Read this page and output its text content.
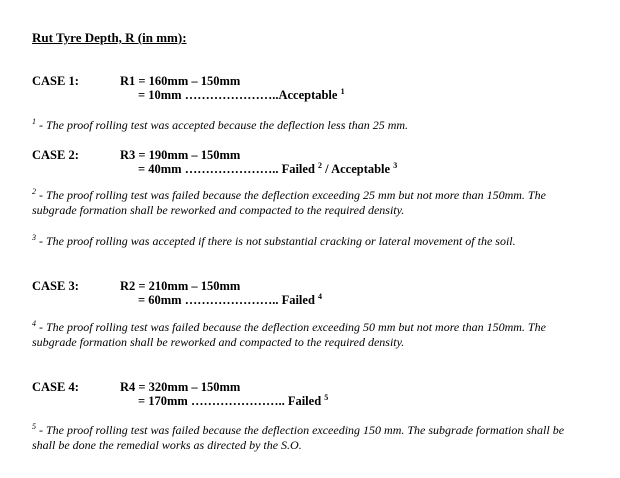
Rut Tyre Depth, R (in mm):
CASE 1:	R1 = 160mm – 150mm
= 10mm …………………..Acceptable $^1$
$^1$ - The proof rolling test was accepted because the deflection less than 25 mm.
CASE 2:	R3 = 190mm – 150mm
= 40mm ………………….. Failed $^2$ / Acceptable $^3$
$^2$ - The proof rolling test was failed because the deflection exceeding 25 mm but not more than 150mm. The subgrade formation shall be reworked and compacted to the required density.
$^3$ - The proof rolling was accepted if there is not substantial cracking or lateral movement of the soil.
CASE 3:	R2 = 210mm – 150mm
= 60mm ………………….. Failed $^4$
$^4$ - The proof rolling test was failed because the deflection exceeding 50 mm but not more than 150mm. The subgrade formation shall be reworked and compacted to the required density.
CASE 4:	R4 = 320mm – 150mm
= 170mm ………………….. Failed $^5$
$^5$ - The proof rolling test was failed because the deflection exceeding 150 mm. The subgrade formation shall be shall be done the remedial works as directed by the S.O.
